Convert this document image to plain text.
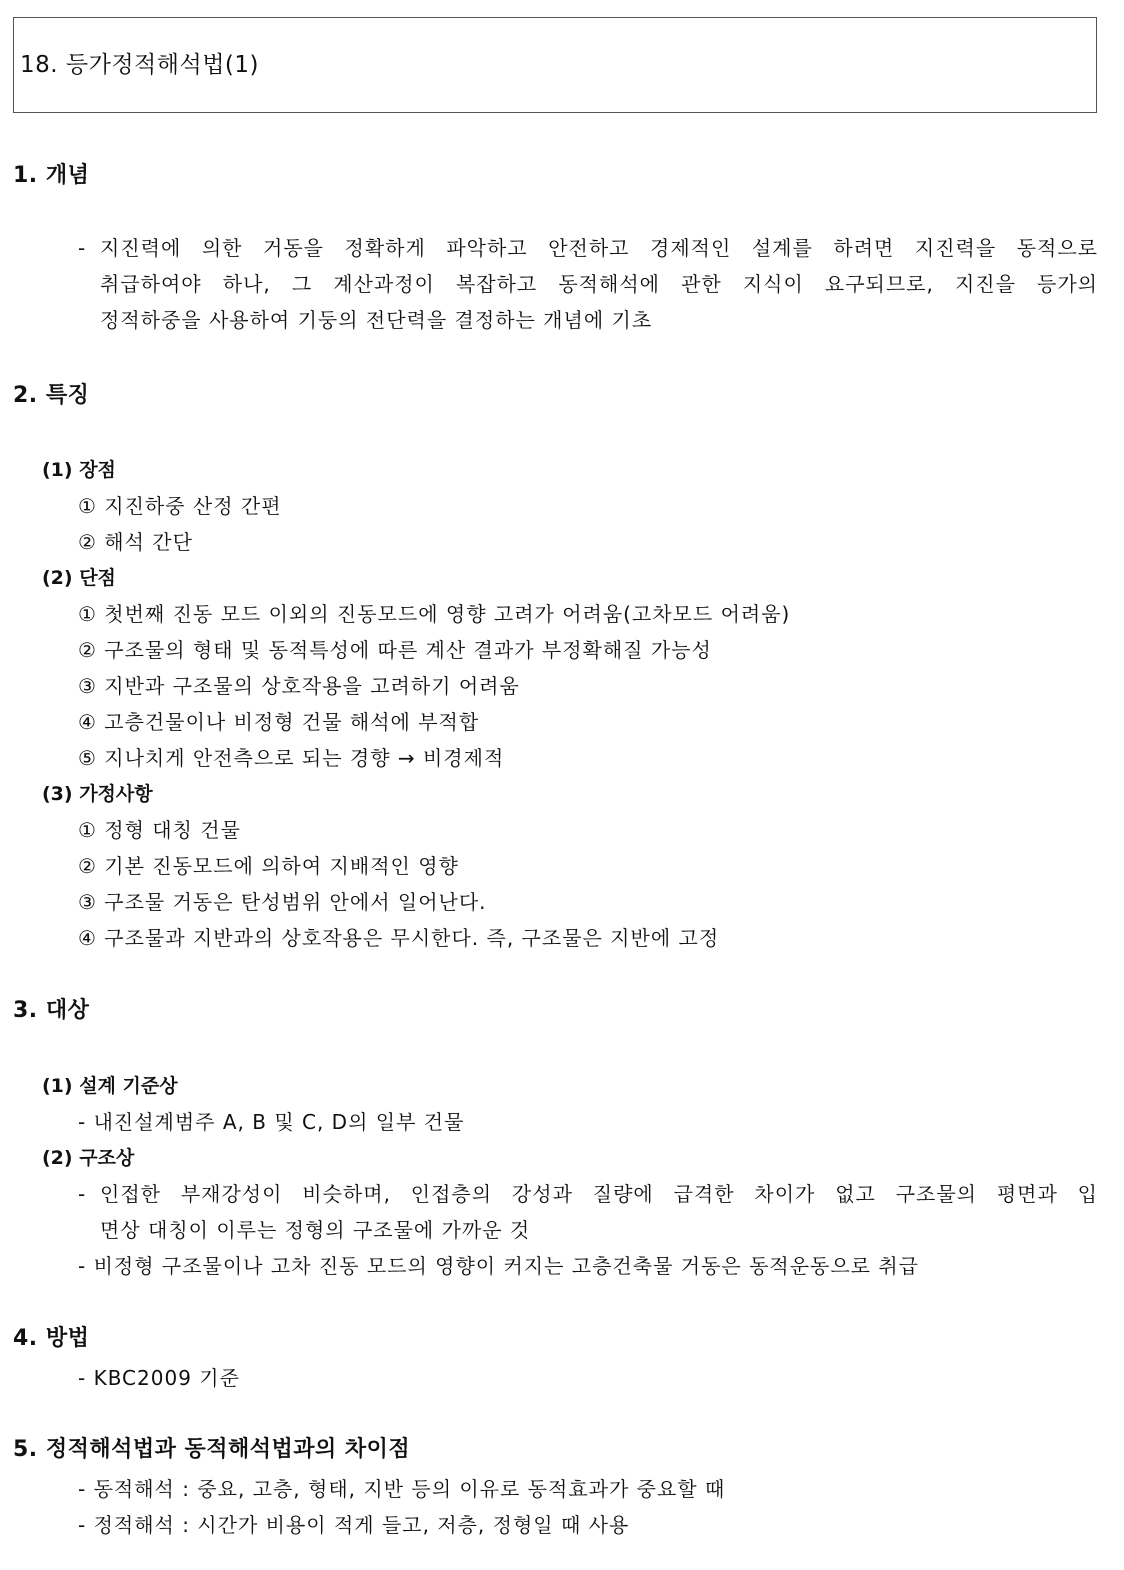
18. 등가정적해석법(1)
1. 개념
- 지진력에 의한 거동을 정확하게 파악하고 안전하고 경제적인 설계를 하려면 지진력을 동적으로
취급하여야 하나, 그 계산과정이 복잡하고 동적해석에 관한 지식이 요구되므로, 지진을 등가의
정적하중을 사용하여 기둥의 전단력을 결정하는 개념에 기초
2. 특징
(1) 장점
① 지진하중 산정 간편
② 해석 간단
(2) 단점
① 첫번째 진동 모드 이외의 진동모드에 영향 고려가 어려움(고차모드 어려움)
② 구조물의 형태 및 동적특성에 따른 계산 결과가 부정확해질 가능성
③ 지반과 구조물의 상호작용을 고려하기 어려움
④ 고층건물이나 비정형 건물 해석에 부적합
⑤ 지나치게 안전측으로 되는 경향 → 비경제적
(3) 가정사항
① 정형 대칭 건물
② 기본 진동모드에 의하여 지배적인 영향
③ 구조물 거동은 탄성범위 안에서 일어난다.
④ 구조물과 지반과의 상호작용은 무시한다. 즉, 구조물은 지반에 고정
3. 대상
(1) 설계 기준상
- 내진설계범주 A, B 및 C, D의 일부 건물
(2) 구조상
- 인접한 부재강성이 비슷하며, 인접층의 강성과 질량에 급격한 차이가 없고 구조물의 평면과 입
면상 대칭이 이루는 정형의 구조물에 가까운 것
- 비정형 구조물이나 고차 진동 모드의 영향이 커지는 고층건축물 거동은 동적운동으로 취급
4. 방법
- KBC2009 기준
5. 정적해석법과 동적해석법과의 차이점
- 동적해석 : 중요, 고층, 형태, 지반 등의 이유로 동적효과가 중요할 때
- 정적해석 : 시간가 비용이 적게 들고, 저층, 정형일 때 사용
